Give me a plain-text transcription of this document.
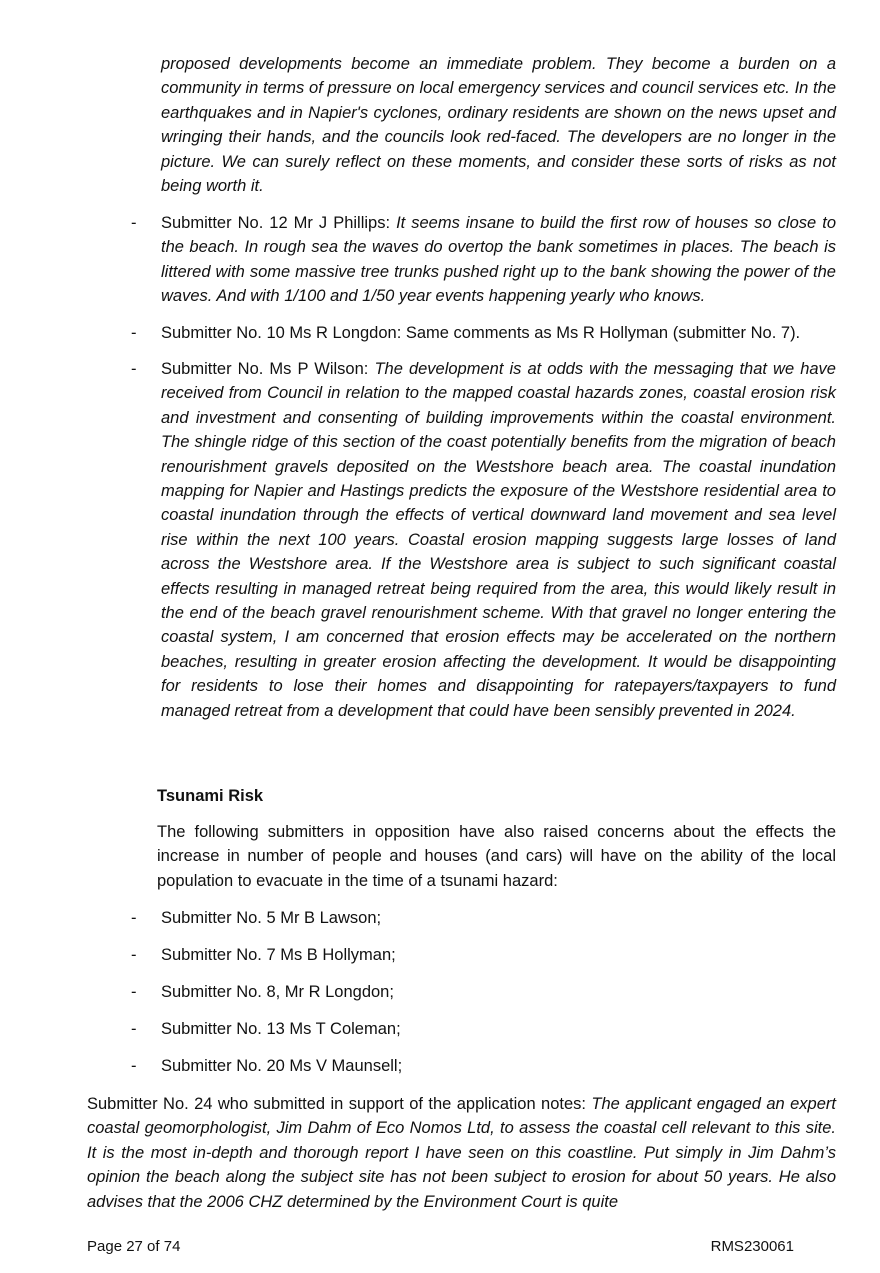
proposed developments become an immediate problem. They become a burden on a community in terms of pressure on local emergency services and council services etc. In the earthquakes and in Napier's cyclones, ordinary residents are shown on the news upset and wringing their hands, and the councils look red-faced. The developers are no longer in the picture. We can surely reflect on these moments, and consider these sorts of risks as not being worth it.

-	Submitter No. 12 Mr J Phillips: It seems insane to build the first row of houses so close to the beach. In rough sea the waves do overtop the bank sometimes in places. The beach is littered with some massive tree trunks pushed right up to the bank showing the power of the waves. And with 1/100 and 1/50 year events happening yearly who knows.
-	Submitter No. 10 Ms R Longdon: Same comments as Ms R Hollyman (submitter No. 7).
-	Submitter No. Ms P Wilson: The development is at odds with the messaging that we have received from Council in relation to the mapped coastal hazards zones, coastal erosion risk and investment and consenting of building improvements within the coastal environment. The shingle ridge of this section of the coast potentially benefits from the migration of beach renourishment gravels deposited on the Westshore beach area. The coastal inundation mapping for Napier and Hastings predicts the exposure of the Westshore residential area to coastal inundation through the effects of vertical downward land movement and sea level rise within the next 100 years. Coastal erosion mapping suggests large losses of land across the Westshore area. If the Westshore area is subject to such significant coastal effects resulting in managed retreat being required from the area, this would likely result in the end of the beach gravel renourishment scheme. With that gravel no longer entering the coastal system, I am concerned that erosion effects may be accelerated on the northern beaches, resulting in greater erosion affecting the development. It would be disappointing for residents to lose their homes and disappointing for ratepayers/taxpayers to fund managed retreat from a development that could have been sensibly prevented in 2024.
Tsunami Risk

The following submitters in opposition have also raised concerns about the effects the increase in number of people and houses (and cars) will have on the ability of the local population to evacuate in the time of a tsunami hazard:

- Submitter No. 5 Mr B Lawson;
- Submitter No. 7 Ms B Hollyman;
- Submitter No. 8, Mr R Longdon;
- Submitter No. 13 Ms T Coleman;
- Submitter No. 20 Ms V Maunsell;

Submitter No. 24 who submitted in support of the application notes: The applicant engaged an expert coastal geomorphologist, Jim Dahm of Eco Nomos Ltd, to assess the coastal cell relevant to this site. It is the most in-depth and thorough report I have seen on this coastline. Put simply in Jim Dahm’s opinion the beach along the subject site has not been subject to erosion for about 50 years. He also advises that the 2006 CHZ determined by the Environment Court is quite

Page 27 of 74	RMS230061
